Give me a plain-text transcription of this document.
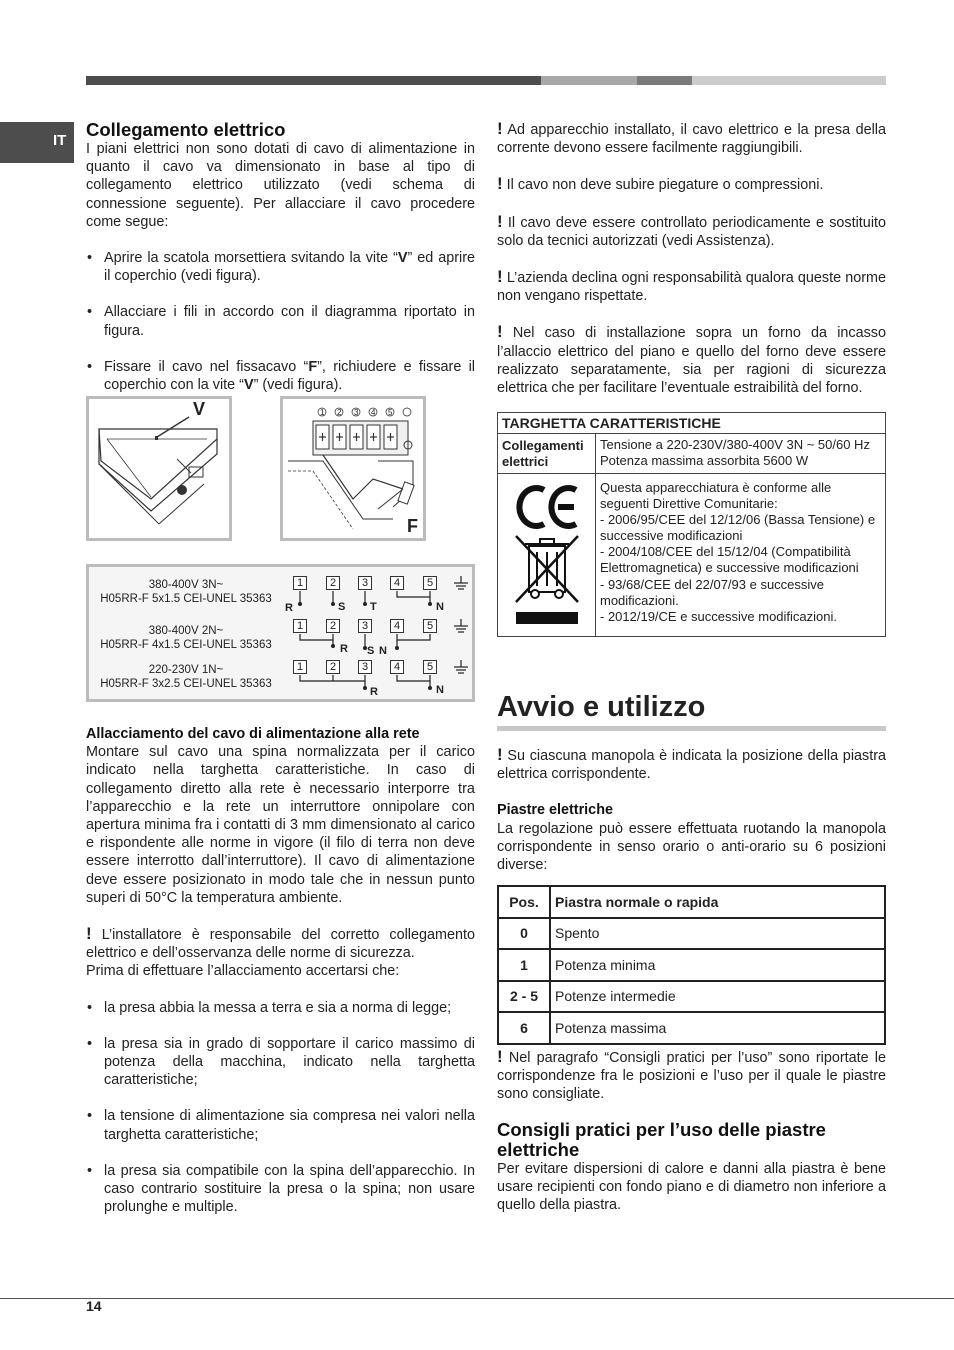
IT
Collegamento elettrico

I piani elettrici non sono dotati di cavo di alimentazione in quanto il cavo va dimensionato in base al tipo di collegamento elettrico utilizzato (vedi schema di connessione seguente). Per allacciare il cavo procedere come segue:

• Aprire la scatola morsettiera svitando la vite “V” ed aprire il coperchio (vedi figura).
• Allacciare i fili in accordo con il diagramma riportato in figura.
• Fissare il cavo nel fissacavo “F”, richiudere e fissare il coperchio con la vite “V” (vedi figura).
V	1 2 3 4 5
F
380-400V 3N~
H05RR-F 5x1.5 CEI-UNEL 35363
380-400V 2N~
H05RR-F 4x1.5 CEI-UNEL 35363
220-230V 1N~
H05RR-F 3x2.5 CEI-UNEL 35363
1	2	3	4	5
1	2	3	4	5
1	2	3	4	5
R	S T	N
R S N
R	N
Allacciamento del cavo di alimentazione alla rete

Montare sul cavo una spina normalizzata per il carico indicato nella targhetta caratteristiche. In caso di collegamento diretto alla rete è necessario interporre tra l’apparecchio e la rete un interruttore onnipolare con apertura minima fra i contatti di 3 mm dimensionato al carico e rispondente alle norme in vigore (il filo di terra non deve essere interrotto dall’interruttore). Il cavo di alimentazione deve essere posizionato in modo tale che in nessun punto superi di 50°C la temperatura ambiente.

! L’installatore è responsabile del corretto collegamento elettrico e dell’osservanza delle norme di sicurezza.

Prima di effettuare l’allacciamento accertarsi che:

• la presa abbia la messa a terra e sia a norma di legge;
• la presa sia in grado di sopportare il carico massimo di potenza della macchina, indicato nella targhetta caratteristiche;
• la tensione di alimentazione sia compresa nei valori nella targhetta caratteristiche;
• la presa sia compatibile con la spina dell’apparecchio. In caso contrario sostituire la presa o la spina; non usare prolunghe e multiple.

! Ad apparecchio installato, il cavo elettrico e la presa della corrente devono essere facilmente raggiungibili.

! Il cavo non deve subire piegature o compressioni.

! Il cavo deve essere controllato periodicamente e sostituito solo da tecnici autorizzati (vedi Assistenza).

! L’azienda declina ogni responsabilità qualora queste norme non vengano rispettate.

! Nel caso di installazione sopra un forno da incasso l’allaccio elettrico del piano e quello del forno deve essere realizzato separatamente, sia per ragioni di sicurezza elettrica che per facilitare l’eventuale estraibilità del forno.

TARGHETTA CARATTERISTICHE	
Collegamenti elettrici	Tensione a 220-230V/380-400V 3N ~ 50/60 Hz
Potenza massima assorbita 5600 W

Questa apparecchiatura è conforme alle seguenti Direttive Comunitarie:
- 2006/95/CEE del 12/12/06 (Bassa Tensione) e successive modificazioni
- 2004/108/CEE del 15/12/04 (Compatibilità Elettromagnetica) e successive modificazioni
- 93/68/CEE del 22/07/93 e successive modificazioni.
- 2012/19/CE e successive modificazioni.
Avvio e utilizzo

! Su ciascuna manopola è indicata la posizione della piastra elettrica corrispondente.

Piastre elettriche

La regolazione può essere effettuata ruotando la manopola corrispondente in senso orario o anti-orario su 6 posizioni diverse:

Pos.	Piastra normale o rapida
0	Spento
1	Potenza minima
2 - 5	Potenze intermedie
6	Potenza massima

! Nel paragrafo “Consigli pratici per l’uso” sono riportate le corrispondenze fra le posizioni e l’uso per il quale le piastre sono consigliate.

Consigli pratici per l’uso delle piastre elettriche

Per evitare dispersioni di calore e danni alla piastra è bene usare recipienti con fondo piano e di diametro non inferiore a quello della piastra.

14
